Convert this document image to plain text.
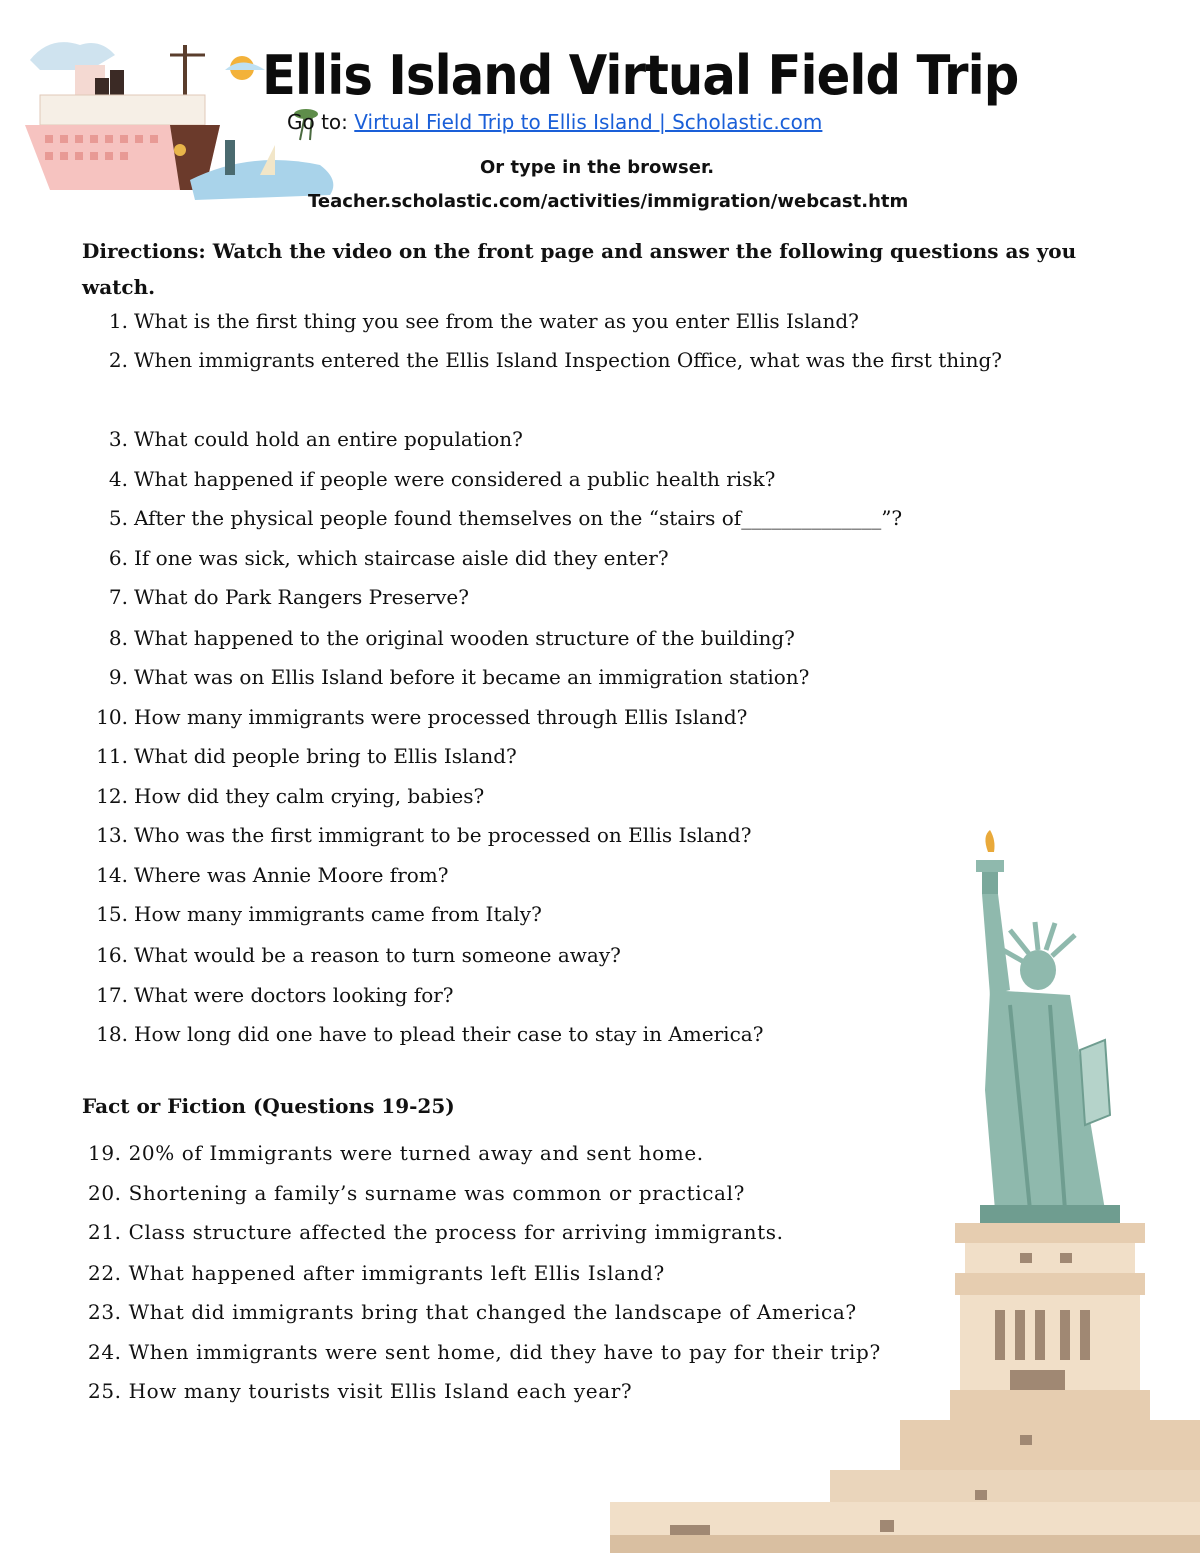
Ellis Island Virtual Field Trip
Go to: Virtual Field Trip to Ellis Island | Scholastic.com
Or type in the browser.
Teacher.scholastic.com/activities/immigration/webcast.htm

Directions: Watch the video on the front page and answer the following questions as you watch.

1. What is the first thing you see from the water as you enter Ellis Island?
2. When immigrants entered the Ellis Island Inspection Office, what was the first thing?
3. What could hold an entire population?
4. What happened if people were considered a public health risk?
5. After the physical people found themselves on the “stairs of______________”?
6. If one was sick, which staircase aisle did they enter?
7. What do Park Rangers Preserve?
8. What happened to the original wooden structure of the building?
9. What was on Ellis Island before it became an immigration station?
10. How many immigrants were processed through Ellis Island?
11. What did people bring to Ellis Island?
12. How did they calm crying, babies?
13. Who was the first immigrant to be processed on Ellis Island?
14. Where was Annie Moore from?
15. How many immigrants came from Italy?
16. What would be a reason to turn someone away?
17. What were doctors looking for?
18. How long did one have to plead their case to stay in America?
Fact or Fiction (Questions 19-25)
19. 20% of Immigrants were turned away and sent home.
20. Shortening a family’s surname was common or practical?
21. Class structure affected the process for arriving immigrants.
22. What happened after immigrants left Ellis Island?
23. What did immigrants bring that changed the landscape of America?
24. When immigrants were sent home, did they have to pay for their trip?
25. How many tourists visit Ellis Island each year?
